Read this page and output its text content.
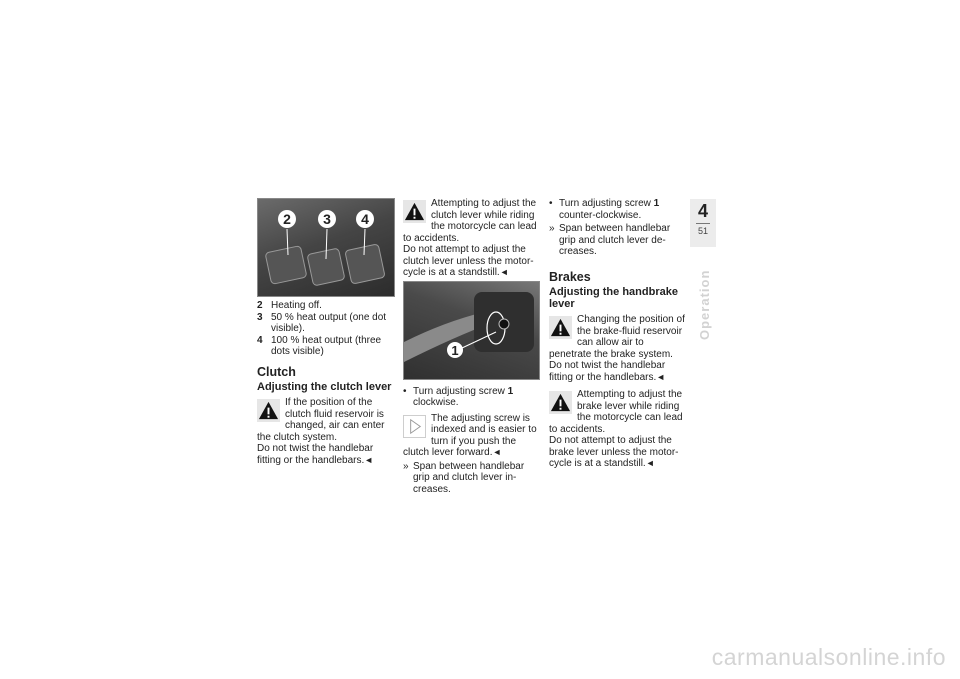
2 3 4
2 Heating off.
3 50 % heat output (one dot visible).
4 100 % heat output (three dots visible)
Clutch
Adjusting the clutch lever

If the position of the clutch fluid reservoir is changed, air can enter the clutch system.

Do not twist the handlebar fitting or the handlebars.◄

Attempting to adjust the clutch lever while riding the motorcycle can lead to accidents.

Do not attempt to adjust the clutch lever unless the motor-cycle is at a standstill.◄

1
• Turn adjusting screw 1
clockwise.

The adjusting screw is indexed and is easier to turn if you push the clutch lever forward.◄

» Span between handlebar grip and clutch lever in-creases.
• Turn adjusting screw 1
counter-clockwise.
» Span between handlebar grip and clutch lever de-creases.
Brakes
Adjusting the handbrake lever

Changing the position of the brake-fluid reservoir can allow air to penetrate the brake system.

Do not twist the handlebar fitting or the handlebars.◄

Attempting to adjust the brake lever while riding the motorcycle can lead to accidents.

Do not attempt to adjust the brake lever unless the motor-cycle is at a standstill.◄

4
51
Operation
carmanualsonline.info
